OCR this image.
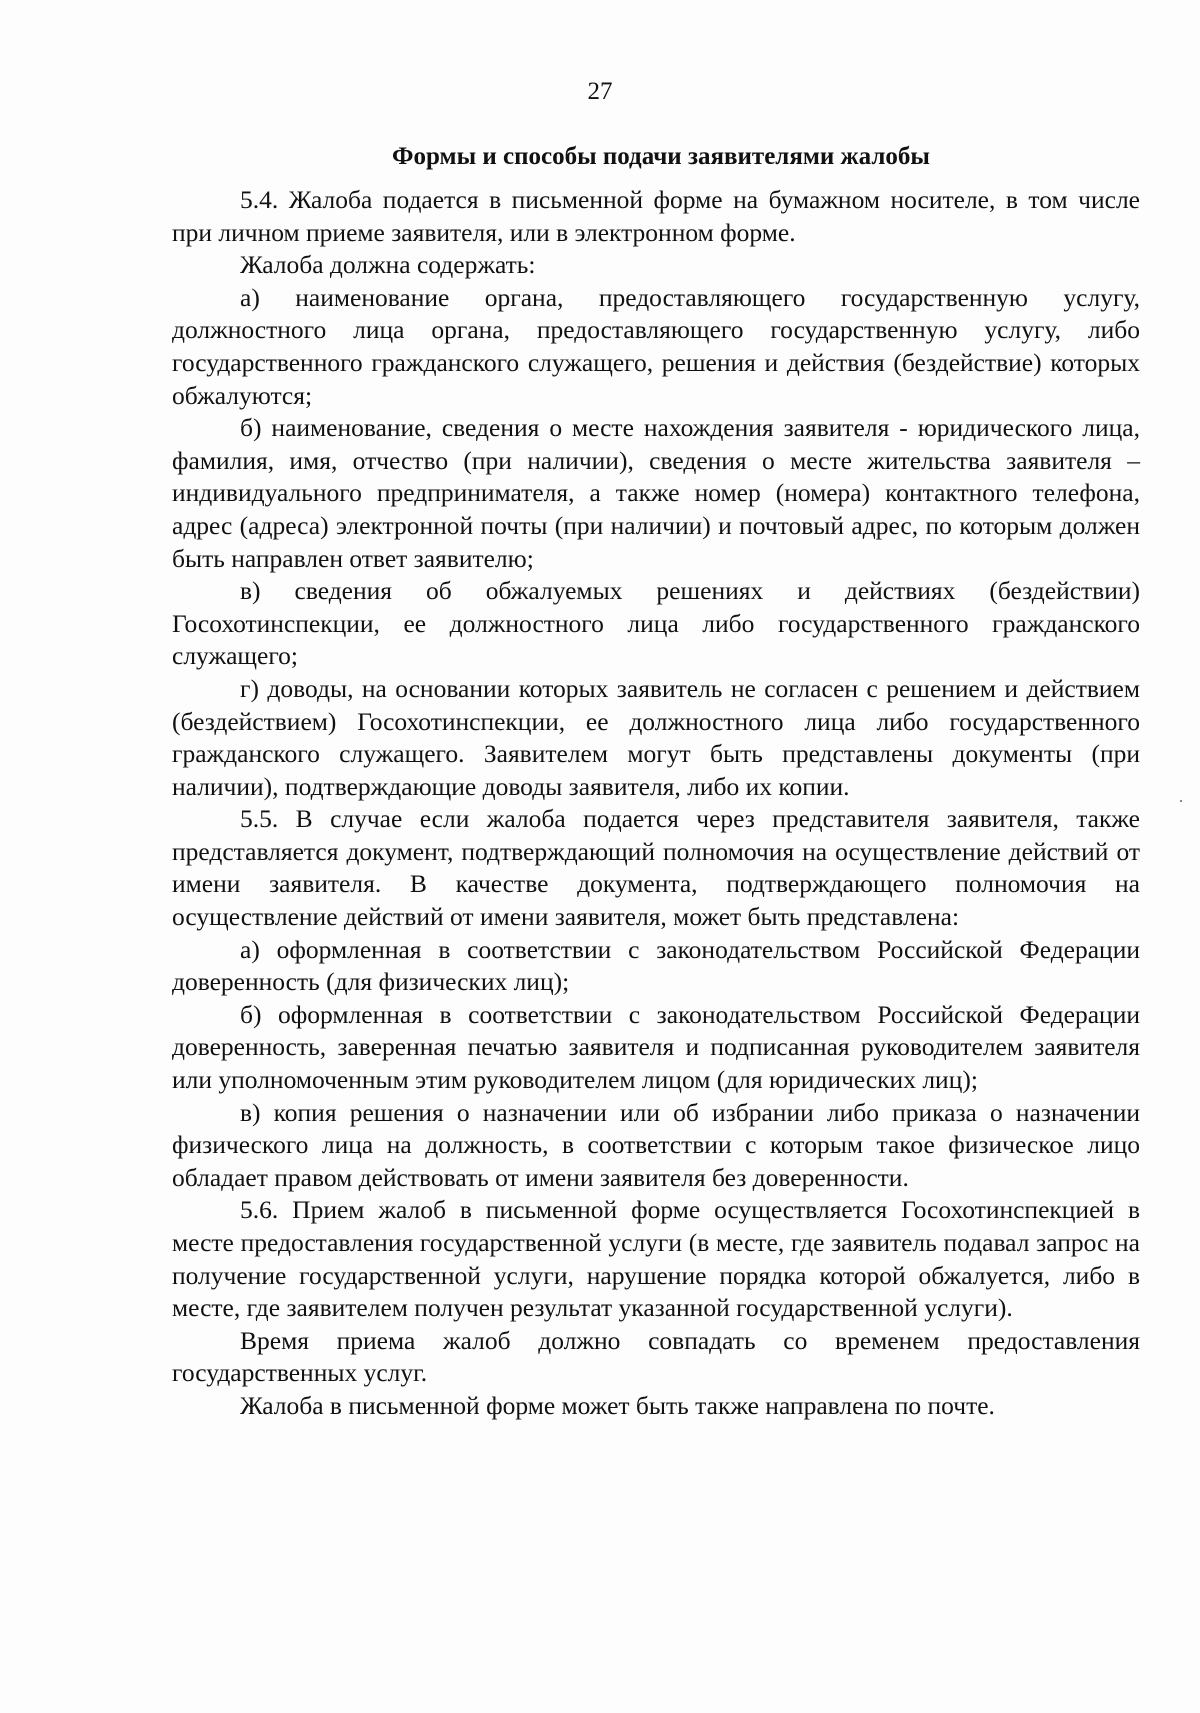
27
Формы и способы подачи заявителями жалобы

5.4. Жалоба подается в письменной форме на бумажном носителе, в том числе при личном приеме заявителя, или в электронном форме.

Жалоба должна содержать:

а) наименование органа, предоставляющего государственную услугу, должностного лица органа, предоставляющего государственную услугу, либо государственного гражданского служащего, решения и действия (бездействие) которых обжалуются;

б) наименование, сведения о месте нахождения заявителя - юридического лица, фамилия, имя, отчество (при наличии), сведения о месте жительства заявителя – индивидуального предпринимателя, а также номер (номера) контактного телефона, адрес (адреса) электронной почты (при наличии) и почтовый адрес, по которым должен быть направлен ответ заявителю;

в) сведения об обжалуемых решениях и действиях (бездействии) Госохотинспекции, ее должностного лица либо государственного гражданского служащего;

г) доводы, на основании которых заявитель не согласен с решением и действием (бездействием) Госохотинспекции, ее должностного лица либо государственного гражданского служащего. Заявителем могут быть представлены документы (при наличии), подтверждающие доводы заявителя, либо их копии.

5.5. В случае если жалоба подается через представителя заявителя, также представляется документ, подтверждающий полномочия на осуществление действий от имени заявителя. В качестве документа, подтверждающего полномочия на осуществление действий от имени заявителя, может быть представлена:

а) оформленная в соответствии с законодательством Российской Федерации доверенность (для физических лиц);

б) оформленная в соответствии с законодательством Российской Федерации доверенность, заверенная печатью заявителя и подписанная руководителем заявителя или уполномоченным этим руководителем лицом (для юридических лиц);

в) копия решения о назначении или об избрании либо приказа о назначении физического лица на должность, в соответствии с которым такое физическое лицо обладает правом действовать от имени заявителя без доверенности.

5.6. Прием жалоб в письменной форме осуществляется Госохотинспекцией в месте предоставления государственной услуги (в месте, где заявитель подавал запрос на получение государственной услуги, нарушение порядка которой обжалуется, либо в месте, где заявителем получен результат указанной государственной услуги).

Время приема жалоб должно совпадать со временем предоставления государственных услуг.

Жалоба в письменной форме может быть также направлена по почте.
